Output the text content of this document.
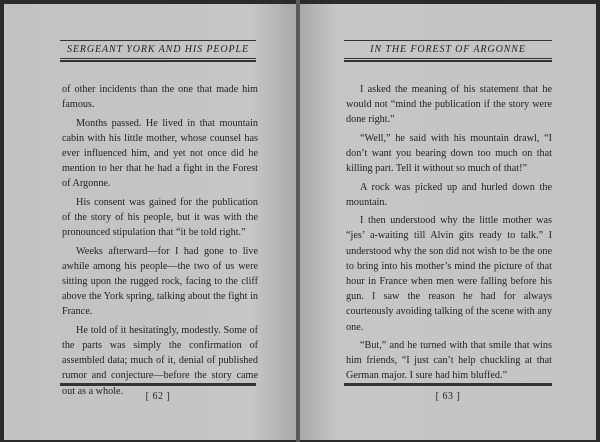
SERGEANT YORK AND HIS PEOPLE

of other incidents than the one that made him famous.

Months passed. He lived in that mountain cabin with his little mother, whose counsel has ever influenced him, and yet not once did he mention to her that he had a fight in the Forest of Argonne.

His consent was gained for the publication of the story of his people, but it was with the pronounced stipulation that “it be told right.”

Weeks afterward—for I had gone to live awhile among his people—the two of us were sitting upon the rugged rock, facing to the cliff above the York spring, talking about the fight in France.

He told of it hesitatingly, modestly. Some of the parts was simply the confirmation of assembled data; much of it, denial of published rumor and conjecture—before the story came out as a whole.	[ 62 ]
IN THE FOREST OF ARGONNE

I asked the meaning of his statement that he would not “mind the publication if the story were done right.”

“Well,” he said with his mountain drawl, “I don’t want you bearing down too much on that killing part. Tell it without so much of that!”

A rock was picked up and hurled down the mountain.

I then understood why the little mother was “jes’ a-waiting till Alvin gits ready to talk.” I understood why the son did not wish to be the one to bring into his mother’s mind the picture of that hour in France when men were falling before his gun. I saw the reason he had for always courteously avoiding talking of the scene with any one.

“But,” and he turned with that smile that wins him friends, “I just can’t help chuckling at that German major. I sure had him bluffed.”

[ 63 ]
